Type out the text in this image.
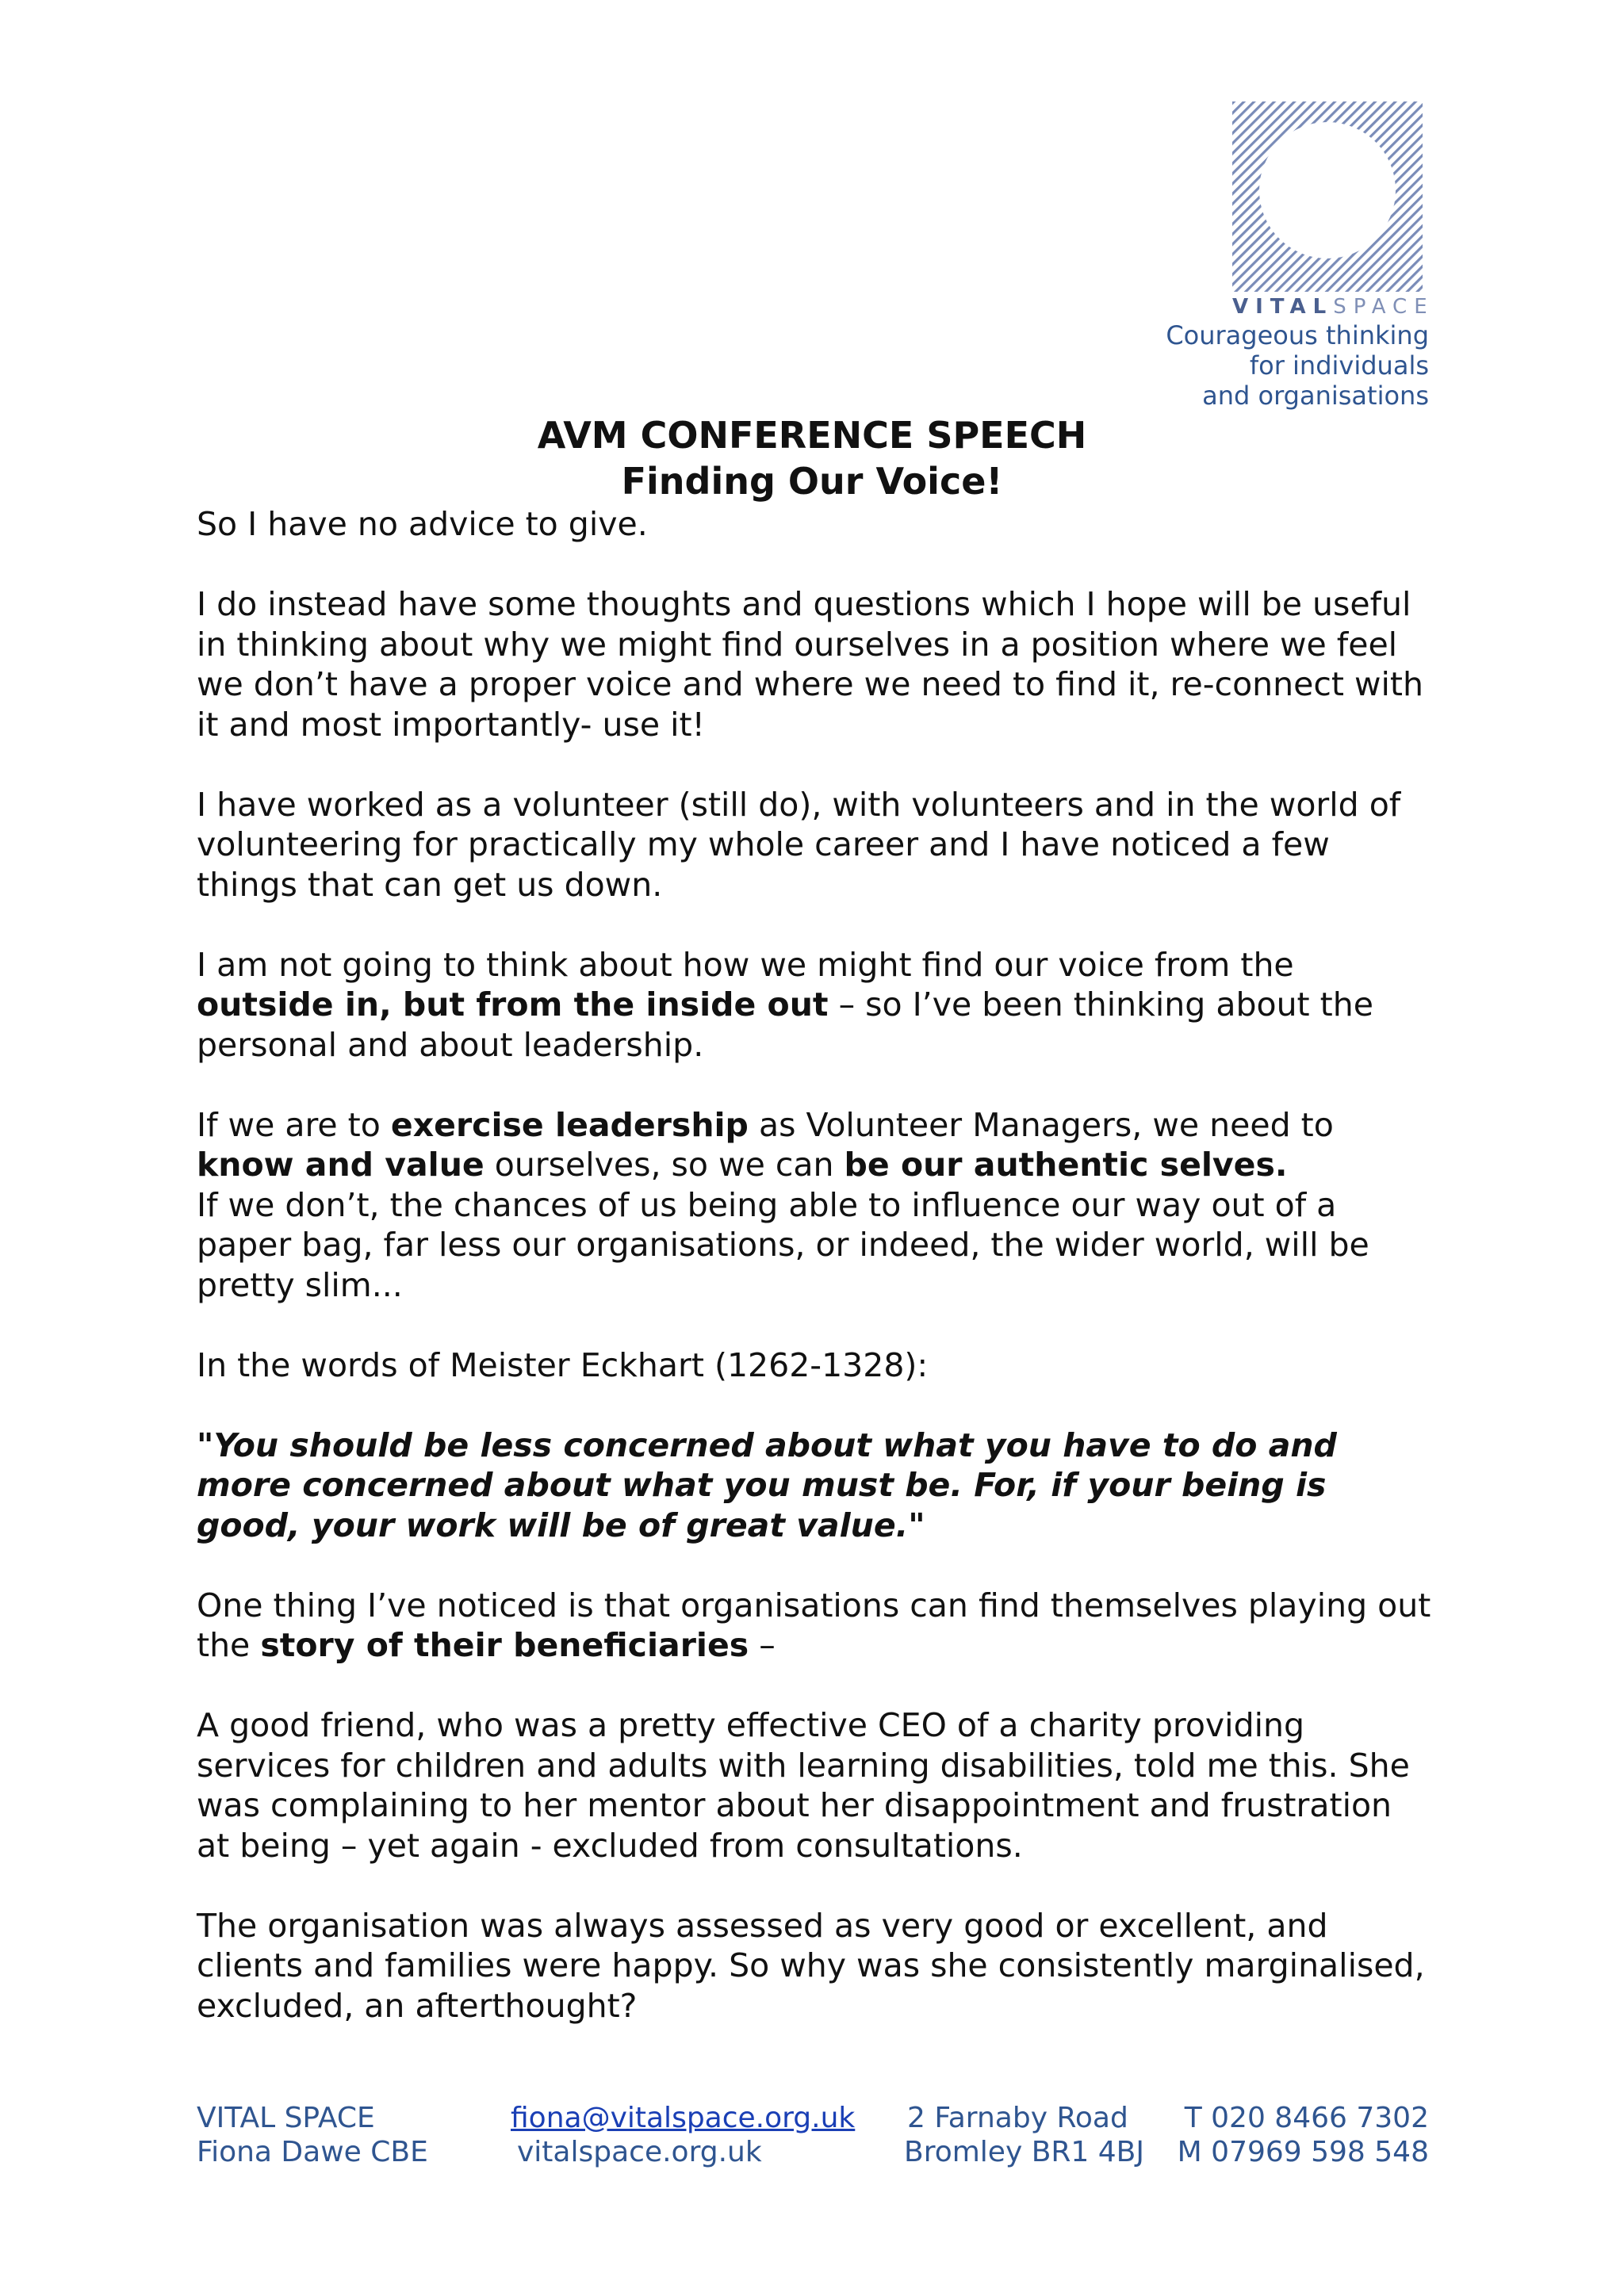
VITALSPACE
Courageous thinking
for individuals
and organisations
AVM CONFERENCE SPEECH
Finding Our Voice!

So I have no advice to give.

I do instead have some thoughts and questions which I hope will be useful in thinking about why we might find ourselves in a position where we feel we don’t have a proper voice and where we need to find it, re-connect with it and most importantly- use it!

I have worked as a volunteer (still do), with volunteers and in the world of volunteering for practically my whole career and I have noticed a few things that can get us down.

I am not going to think about how we might find our voice from the outside in, but from the inside out – so I’ve been thinking about the personal and about leadership.

If we are to exercise leadership as Volunteer Managers, we need to know and value ourselves, so we can be our authentic selves.

If we don’t, the chances of us being able to influence our way out of a paper bag, far less our organisations, or indeed, the wider world, will be pretty slim...

In the words of Meister Eckhart (1262-1328):

"You should be less concerned about what you have to do and more concerned about what you must be. For, if your being is good, your work will be of great value."

One thing I’ve noticed is that organisations can find themselves playing out the story of their beneficiaries –

A good friend, who was a pretty effective CEO of a charity providing services for children and adults with learning disabilities, told me this. She was complaining to her mentor about her disappointment and frustration at being – yet again - excluded from consultations.

The organisation was always assessed as very good or excellent, and clients and families were happy. So why was she consistently marginalised, excluded, an afterthought?

VITAL SPACE
Fiona Dawe CBE
fiona@vitalspace.org.uk
vitalspace.org.uk
2 Farnaby Road
Bromley BR1 4BJ
T 020 8466 7302
M 07969 598 548
